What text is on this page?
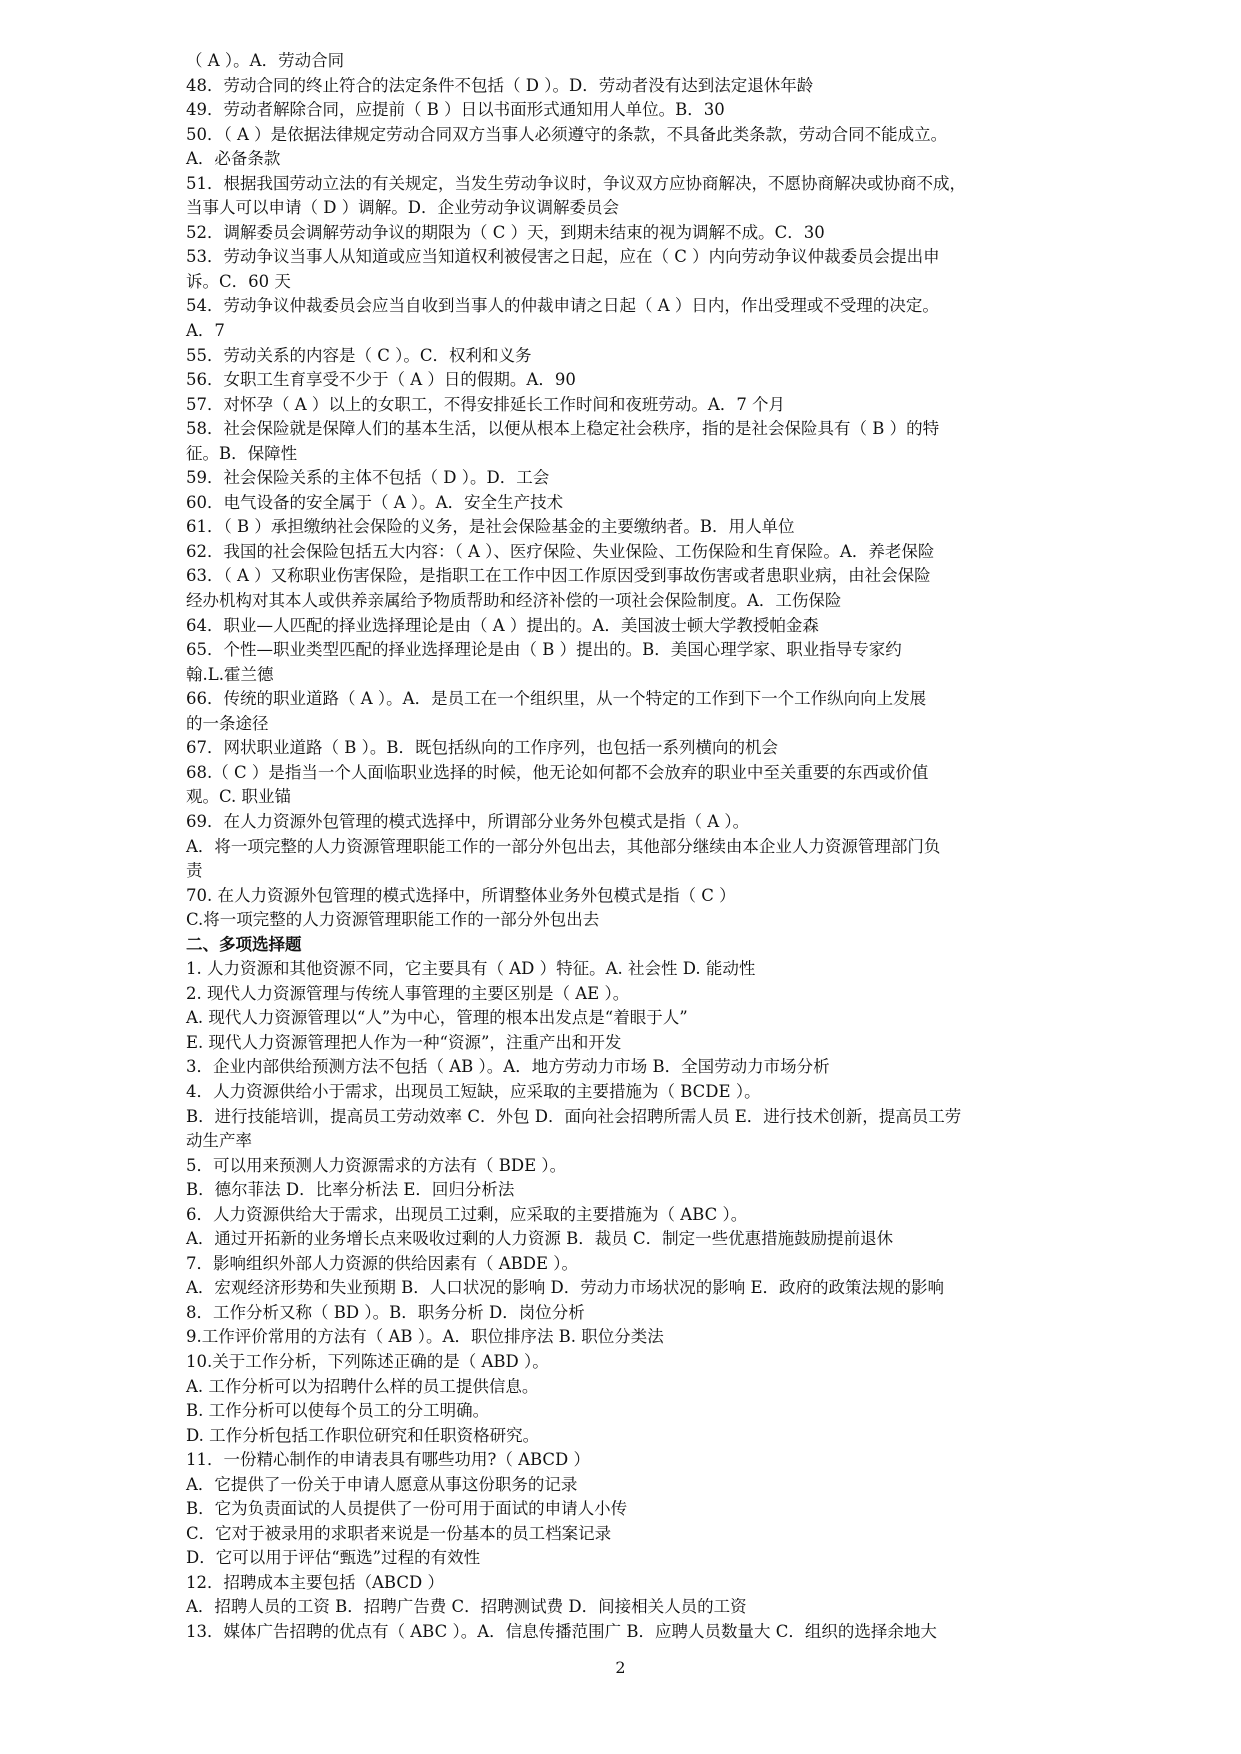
（ A ）。A．劳动合同
48．劳动合同的终止符合的法定条件不包括（ D ）。D．劳动者没有达到法定退休年龄
49．劳动者解除合同，应提前（ B ）日以书面形式通知用人单位。B．30
50．（ A ）是依据法律规定劳动合同双方当事人必须遵守的条款，不具备此类条款，劳动合同不能成立。
A．必备条款
51．根据我国劳动立法的有关规定，当发生劳动争议时，争议双方应协商解决，不愿协商解决或协商不成，
当事人可以申请（ D ）调解。D．企业劳动争议调解委员会
52．调解委员会调解劳动争议的期限为（ C ）天，到期未结束的视为调解不成。C．30
53．劳动争议当事人从知道或应当知道权利被侵害之日起，应在（ C ）内向劳动争议仲裁委员会提出申
诉。C．60 天
54．劳动争议仲裁委员会应当自收到当事人的仲裁申请之日起（ A ）日内，作出受理或不受理的决定。
A．7
55．劳动关系的内容是（ C ）。C．权利和义务
56．女职工生育享受不少于（ A ）日的假期。A．90
57．对怀孕（ A ）以上的女职工，不得安排延长工作时间和夜班劳动。A．7 个月
58．社会保险就是保障人们的基本生活，以便从根本上稳定社会秩序，指的是社会保险具有（ B ）的特
征。B．保障性
59．社会保险关系的主体不包括（ D ）。D．工会
60．电气设备的安全属于（ A ）。A．安全生产技术
61．（ B ）承担缴纳社会保险的义务，是社会保险基金的主要缴纳者。B．用人单位
62．我国的社会保险包括五大内容：（ A ）、医疗保险、失业保险、工伤保险和生育保险。A．养老保险
63．（ A ）又称职业伤害保险，是指职工在工作中因工作原因受到事故伤害或者患职业病，由社会保险
经办机构对其本人或供养亲属给予物质帮助和经济补偿的一项社会保险制度。A．工伤保险
64．职业—人匹配的择业选择理论是由（ A ）提出的。A．美国波士顿大学教授帕金森
65．个性—职业类型匹配的择业选择理论是由（ B ）提出的。B．美国心理学家、职业指导专家约
翰.L.霍兰德
66．传统的职业道路（ A ）。A．是员工在一个组织里，从一个特定的工作到下一个工作纵向向上发展
的一条途径
67．网状职业道路（ B ）。B．既包括纵向的工作序列，也包括一系列横向的机会
68.（ C ）是指当一个人面临职业选择的时候，他无论如何都不会放弃的职业中至关重要的东西或价值
观。C. 职业锚
69．在人力资源外包管理的模式选择中，所谓部分业务外包模式是指（ A ）。
A．将一项完整的人力资源管理职能工作的一部分外包出去，其他部分继续由本企业人力资源管理部门负
责
70. 在人力资源外包管理的模式选择中，所谓整体业务外包模式是指（ C ）
C.将一项完整的人力资源管理职能工作的一部分外包出去
二、多项选择题
1. 人力资源和其他资源不同，它主要具有（ AD ）特征。A. 社会性 D. 能动性
2. 现代人力资源管理与传统人事管理的主要区别是（ AE ）。
A. 现代人力资源管理以“人”为中心，管理的根本出发点是“着眼于人”
E. 现代人力资源管理把人作为一种“资源”，注重产出和开发
3．企业内部供给预测方法不包括（ AB ）。A．地方劳动力市场 B．全国劳动力市场分析
4．人力资源供给小于需求，出现员工短缺，应采取的主要措施为（ BCDE ）。
B．进行技能培训，提高员工劳动效率 C．外包 D．面向社会招聘所需人员 E．进行技术创新，提高员工劳
动生产率
5．可以用来预测人力资源需求的方法有（ BDE ）。
B．德尔菲法 D．比率分析法 E．回归分析法
6．人力资源供给大于需求，出现员工过剩，应采取的主要措施为（ ABC ）。
A．通过开拓新的业务增长点来吸收过剩的人力资源 B．裁员 C．制定一些优惠措施鼓励提前退休
7．影响组织外部人力资源的供给因素有（ ABDE ）。
A．宏观经济形势和失业预期 B．人口状况的影响 D．劳动力市场状况的影响 E．政府的政策法规的影响
8．工作分析又称（ BD ）。B．职务分析 D．岗位分析
9.工作评价常用的方法有（ AB ）。A．职位排序法 B. 职位分类法
10.关于工作分析，下列陈述正确的是（ ABD ）。
A. 工作分析可以为招聘什么样的员工提供信息。
B. 工作分析可以使每个员工的分工明确。
D. 工作分析包括工作职位研究和任职资格研究。
11．一份精心制作的申请表具有哪些功用?（ ABCD ）
A．它提供了一份关于申请人愿意从事这份职务的记录
B．它为负责面试的人员提供了一份可用于面试的申请人小传
C．它对于被录用的求职者来说是一份基本的员工档案记录
D．它可以用于评估“甄选”过程的有效性
12．招聘成本主要包括（ABCD ）
A．招聘人员的工资 B．招聘广告费 C．招聘测试费 D．间接相关人员的工资
13．媒体广告招聘的优点有（ ABC ）。A．信息传播范围广 B．应聘人员数量大 C．组织的选择余地大
2
